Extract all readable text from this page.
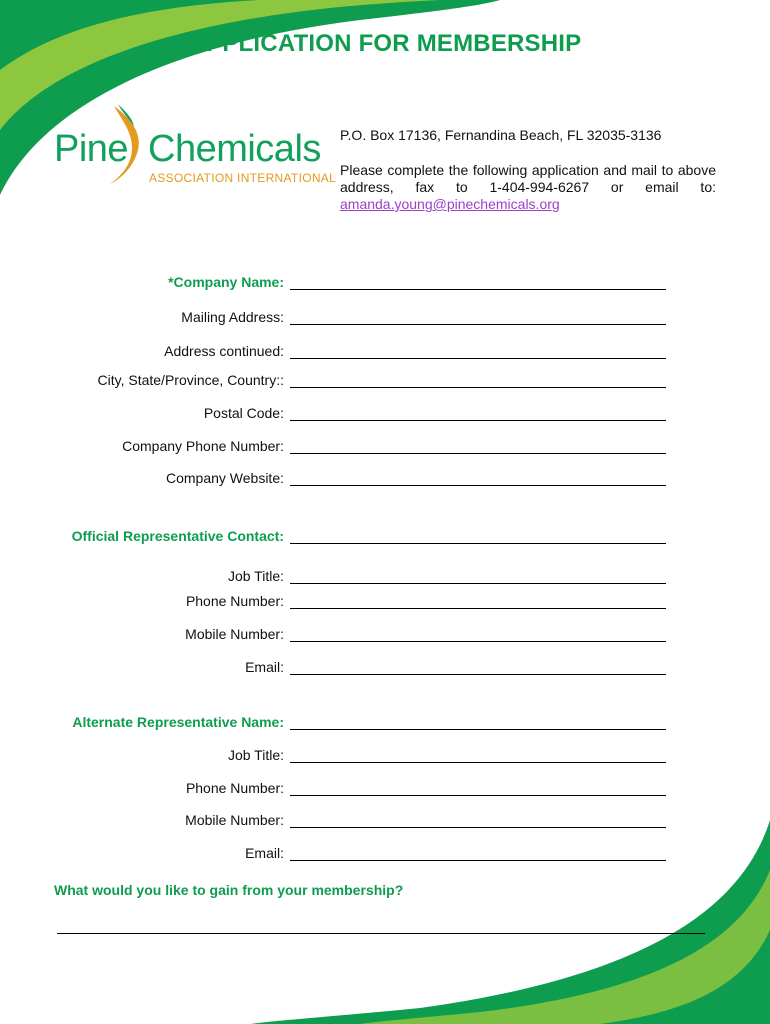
APPLICATION FOR MEMBERSHIP
Pine Chemicals
ASSOCIATION INTERNATIONAL
P.O. Box 17136, Fernandina Beach, FL 32035-3136
Please complete the following application and mail to above address, fax to 1-404-994-6267 or email to: amanda.young@pinechemicals.org
*Company Name:
Mailing Address:
Address continued:
City, State/Province, Country::
Postal Code:
Company Phone Number:
Company Website:
Official Representative Contact:
Job Title:
Phone Number:
Mobile Number:
Email:
Alternate Representative Name:
Job Title:
Phone Number:
Mobile Number:
Email:
What would you like to gain from your membership?
